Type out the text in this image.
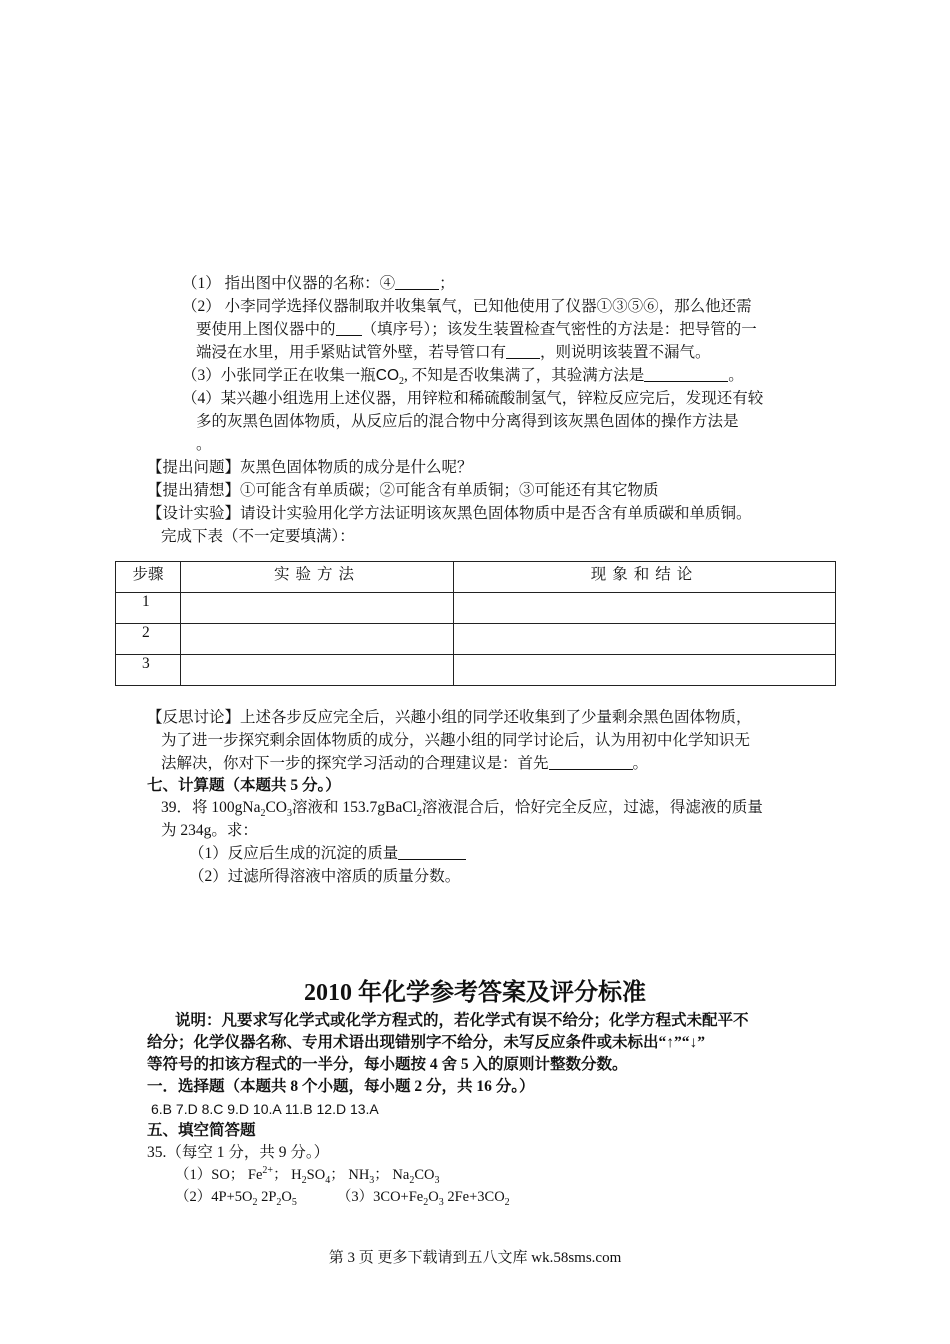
（1） 指出图中仪器的名称：④	；
（2） 小李同学选择仪器制取并收集氧气，已知他使用了仪器①③⑤⑥，那么他还需
要使用上图仪器中的 （填序号）；该发生装置检查气密性的方法是：把导管的一
端浸在水里，用手紧贴试管外壁，若导管口有 ，则说明该装置不漏气。
（3）小张同学正在收集一瓶$CO_2$, 不知是否收集满了，其验满方法是	。
（4）某兴趣小组选用上述仪器，用锌粒和稀硫酸制氢气，锌粒反应完后，发现还有较
多的灰黑色固体物质，从反应后的混合物中分离得到该灰黑色固体的操作方法是
。
【提出问题】灰黑色固体物质的成分是什么呢？
【提出猜想】①可能含有单质碳；②可能含有单质铜；③可能还有其它物质
【设计实验】请设计实验用化学方法证明该灰黑色固体物质中是否含有单质碳和单质铜。
完成下表（不一定要填满）：
步骤	实验方法	现象和结论
1		
2		
3		
【反思讨论】上述各步反应完全后，兴趣小组的同学还收集到了少量剩余黑色固体物质，
为了进一步探究剩余固体物质的成分，兴趣小组的同学讨论后，认为用初中化学知识无
法解决，你对下一步的探究学习活动的合理建议是：首先	。
七、计算题（本题共 5 分。）
39．将 $100gNa_2CO_3$溶液和 153.7gBaCl$_2$溶液混合后，恰好完全反应，过滤，得滤液的质量
为 234g。求：
（1）反应后生成的沉淀的质量
（2）过滤所得溶液中溶质的质量分数。
2010 年化学参考答案及评分标准
说明：凡要求写化学式或化学方程式的，若化学式有误不给分；化学方程式未配平不
给分；化学仪器名称、专用术语出现错别字不给分，未写反应条件或未标出“↑”“↓”
等符号的扣该方程式的一半分，每小题按 4 舍 5 入的原则计整数分数。
一．选择题（本题共 8 个小题，每小题 2 分，共 16 分。）
6.B 7.D 8.C 9.D 10.A 11.B 12.D 13.A
五、填空简答题
35.（每空 1 分，共 9 分。）
（1）SO； $Fe^{2+}$； $H_2SO_4$； $NH_3$； $Na_2CO_3$
$(2)4P+5O_2$ $2P_2O_5$	$(3)3CO+Fe_2O_3$ $2Fe+3CO_2$
第 3 页 更多下载请到五八文库 wk.58sms.com
